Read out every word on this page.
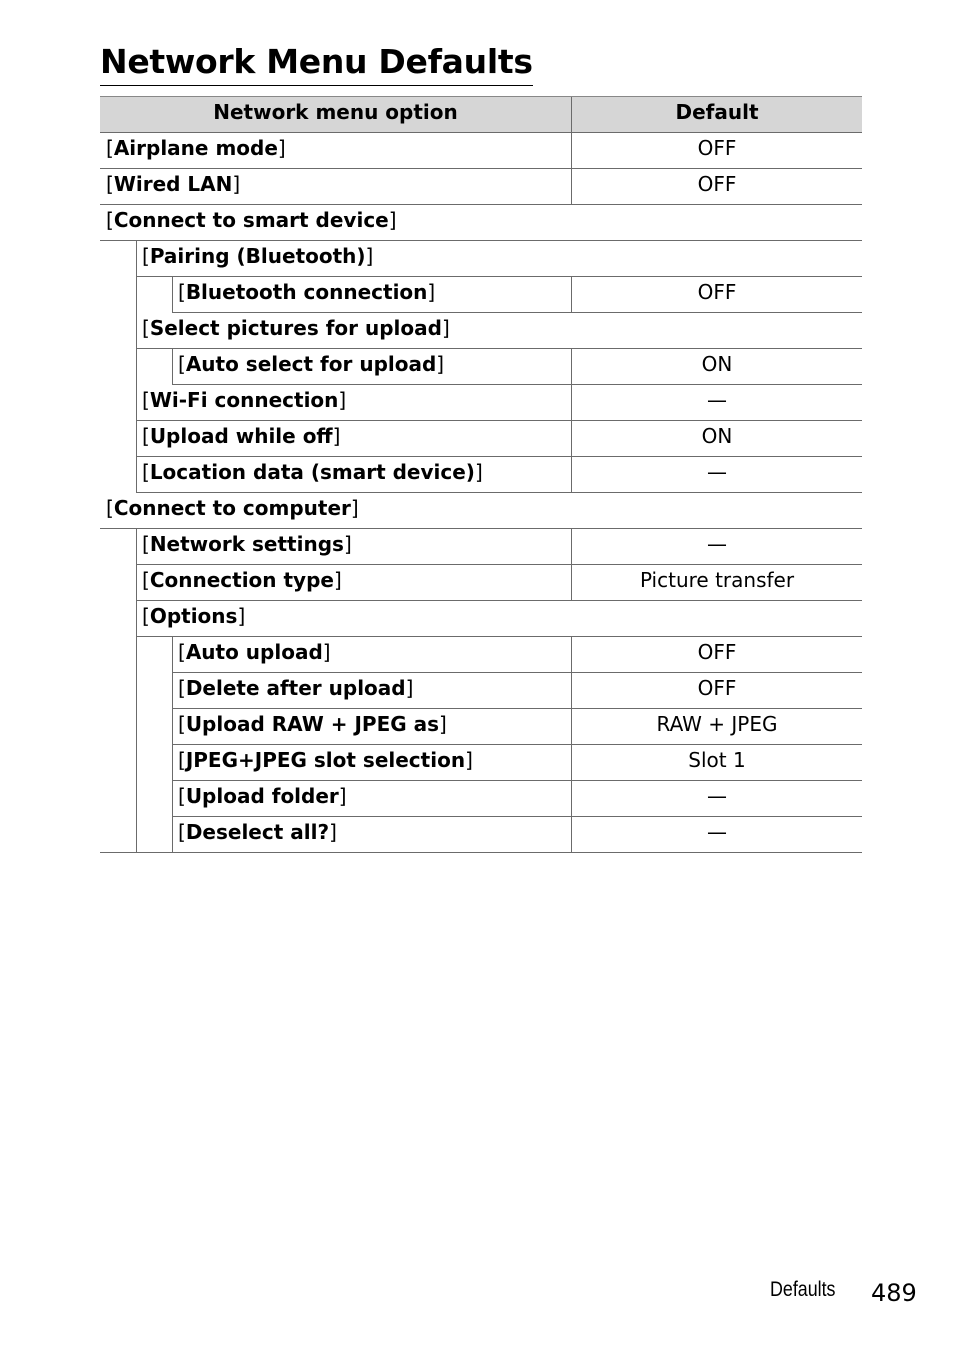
Network Menu Defaults
Network menu option	Default
[Airplane mode]	OFF
[Wired LAN]	OFF
[Connect to smart device]
[Pairing (Bluetooth)]
[Bluetooth connection]	OFF
[Select pictures for upload]
[Auto select for upload]	ON
[Wi-Fi connection]	—
[Upload while off]	ON
[Location data (smart device)]	—
[Connect to computer]
[Network settings]	—
[Connection type]	Picture transfer
[Options]
[Auto upload]	OFF
[Delete after upload]	OFF
[Upload RAW + JPEG as]	RAW + JPEG
[JPEG+JPEG slot selection]	Slot 1
[Upload folder]	—
[Deselect all?]	—
Defaults 489
